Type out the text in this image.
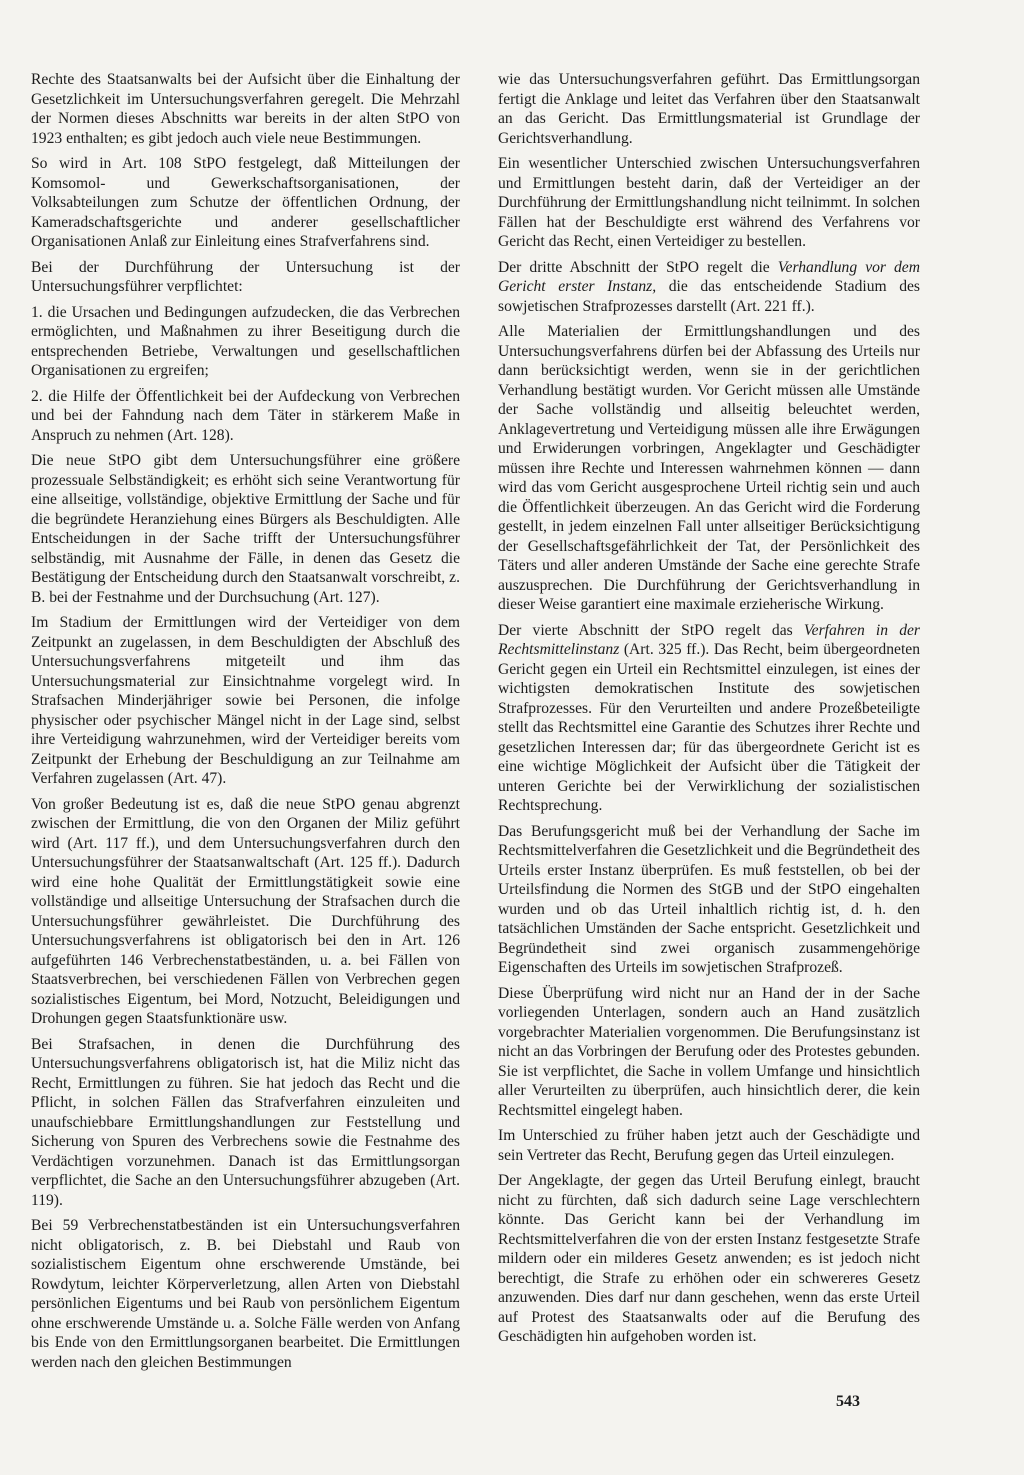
Rechte des Staatsanwalts bei der Aufsicht über die Einhaltung der Gesetzlichkeit im Untersuchungsverfahren geregelt. Die Mehrzahl der Normen dieses Abschnitts war bereits in der alten StPO von 1923 enthalten; es gibt jedoch auch viele neue Bestimmungen.

So wird in Art. 108 StPO festgelegt, daß Mitteilungen der Komsomol- und Gewerkschaftsorganisationen, der Volksabteilungen zum Schutze der öffentlichen Ordnung, der Kameradschaftsgerichte und anderer gesellschaftlicher Organisationen Anlaß zur Einleitung eines Strafverfahrens sind.

Bei der Durchführung der Untersuchung ist der Untersuchungsführer verpflichtet:

1. die Ursachen und Bedingungen aufzudecken, die das Verbrechen ermöglichten, und Maßnahmen zu ihrer Beseitigung durch die entsprechenden Betriebe, Verwaltungen und gesellschaftlichen Organisationen zu ergreifen;

2. die Hilfe der Öffentlichkeit bei der Aufdeckung von Verbrechen und bei der Fahndung nach dem Täter in stärkerem Maße in Anspruch zu nehmen (Art. 128).

Die neue StPO gibt dem Untersuchungsführer eine größere prozessuale Selbständigkeit; es erhöht sich seine Verantwortung für eine allseitige, vollständige, objektive Ermittlung der Sache und für die begründete Heranziehung eines Bürgers als Beschuldigten. Alle Entscheidungen in der Sache trifft der Untersuchungsführer selbständig, mit Ausnahme der Fälle, in denen das Gesetz die Bestätigung der Entscheidung durch den Staatsanwalt vorschreibt, z. B. bei der Festnahme und der Durchsuchung (Art. 127).

Im Stadium der Ermittlungen wird der Verteidiger von dem Zeitpunkt an zugelassen, in dem Beschuldigten der Abschluß des Untersuchungsverfahrens mitgeteilt und ihm das Untersuchungsmaterial zur Einsichtnahme vorgelegt wird. In Strafsachen Minderjähriger sowie bei Personen, die infolge physischer oder psychischer Mängel nicht in der Lage sind, selbst ihre Verteidigung wahrzunehmen, wird der Verteidiger bereits vom Zeitpunkt der Erhebung der Beschuldigung an zur Teilnahme am Verfahren zugelassen (Art. 47).

Von großer Bedeutung ist es, daß die neue StPO genau abgrenzt zwischen der Ermittlung, die von den Organen der Miliz geführt wird (Art. 117 ff.), und dem Untersuchungsverfahren durch den Untersuchungsführer der Staatsanwaltschaft (Art. 125 ff.). Dadurch wird eine hohe Qualität der Ermittlungstätigkeit sowie eine vollständige und allseitige Untersuchung der Strafsachen durch die Untersuchungsführer gewährleistet. Die Durchführung des Untersuchungsverfahrens ist obligatorisch bei den in Art. 126 aufgeführten 146 Verbrechenstatbeständen, u. a. bei Fällen von Staatsverbrechen, bei verschiedenen Fällen von Verbrechen gegen sozialistisches Eigentum, bei Mord, Notzucht, Beleidigungen und Drohungen gegen Staatsfunktionäre usw.

Bei Strafsachen, in denen die Durchführung des Untersuchungsverfahrens obligatorisch ist, hat die Miliz nicht das Recht, Ermittlungen zu führen. Sie hat jedoch das Recht und die Pflicht, in solchen Fällen das Strafverfahren einzuleiten und unaufschiebbare Ermittlungshandlungen zur Feststellung und Sicherung von Spuren des Verbrechens sowie die Festnahme des Verdächtigen vorzunehmen. Danach ist das Ermittlungsorgan verpflichtet, die Sache an den Untersuchungsführer abzugeben (Art. 119).

Bei 59 Verbrechenstatbeständen ist ein Untersuchungsverfahren nicht obligatorisch, z. B. bei Diebstahl und Raub von sozialistischem Eigentum ohne erschwerende Umstände, bei Rowdytum, leichter Körperverletzung, allen Arten von Diebstahl persönlichen Eigentums und bei Raub von persönlichem Eigentum ohne erschwerende Umstände u. a. Solche Fälle werden von Anfang bis Ende von den Ermittlungsorganen bearbeitet. Die Ermittlungen werden nach den gleichen Bestimmungen

wie das Untersuchungsverfahren geführt. Das Ermittlungsorgan fertigt die Anklage und leitet das Verfahren über den Staatsanwalt an das Gericht. Das Ermittlungsmaterial ist Grundlage der Gerichtsverhandlung.

Ein wesentlicher Unterschied zwischen Untersuchungsverfahren und Ermittlungen besteht darin, daß der Verteidiger an der Durchführung der Ermittlungshandlung nicht teilnimmt. In solchen Fällen hat der Beschuldigte erst während des Verfahrens vor Gericht das Recht, einen Verteidiger zu bestellen.

Der dritte Abschnitt der StPO regelt die Verhandlung vor dem Gericht erster Instanz, die das entscheidende Stadium des sowjetischen Strafprozesses darstellt (Art. 221 ff.).

Alle Materialien der Ermittlungshandlungen und des Untersuchungsverfahrens dürfen bei der Abfassung des Urteils nur dann berücksichtigt werden, wenn sie in der gerichtlichen Verhandlung bestätigt wurden. Vor Gericht müssen alle Umstände der Sache vollständig und allseitig beleuchtet werden, Anklagevertretung und Verteidigung müssen alle ihre Erwägungen und Erwiderungen vorbringen, Angeklagter und Geschädigter müssen ihre Rechte und Interessen wahrnehmen können — dann wird das vom Gericht ausgesprochene Urteil richtig sein und auch die Öffentlichkeit überzeugen. An das Gericht wird die Forderung gestellt, in jedem einzelnen Fall unter allseitiger Berücksichtigung der Gesellschaftsgefährlichkeit der Tat, der Persönlichkeit des Täters und aller anderen Umstände der Sache eine gerechte Strafe auszusprechen. Die Durchführung der Gerichtsverhandlung in dieser Weise garantiert eine maximale erzieherische Wirkung.

Der vierte Abschnitt der StPO regelt das Verfahren in der Rechtsmittelinstanz (Art. 325 ff.). Das Recht, beim übergeordneten Gericht gegen ein Urteil ein Rechtsmittel einzulegen, ist eines der wichtigsten demokratischen Institute des sowjetischen Strafprozesses. Für den Verurteilten und andere Prozeßbeteiligte stellt das Rechtsmittel eine Garantie des Schutzes ihrer Rechte und gesetzlichen Interessen dar; für das übergeordnete Gericht ist es eine wichtige Möglichkeit der Aufsicht über die Tätigkeit der unteren Gerichte bei der Verwirklichung der sozialistischen Rechtsprechung.

Das Berufungsgericht muß bei der Verhandlung der Sache im Rechtsmittelverfahren die Gesetzlichkeit und die Begründetheit des Urteils erster Instanz überprüfen. Es muß feststellen, ob bei der Urteilsfindung die Normen des StGB und der StPO eingehalten wurden und ob das Urteil inhaltlich richtig ist, d. h. den tatsächlichen Umständen der Sache entspricht. Gesetzlichkeit und Begründetheit sind zwei organisch zusammengehörige Eigenschaften des Urteils im sowjetischen Strafprozeß.

Diese Überprüfung wird nicht nur an Hand der in der Sache vorliegenden Unterlagen, sondern auch an Hand zusätzlich vorgebrachter Materialien vorgenommen. Die Berufungsinstanz ist nicht an das Vorbringen der Berufung oder des Protestes gebunden. Sie ist verpflichtet, die Sache in vollem Umfange und hinsichtlich aller Verurteilten zu überprüfen, auch hinsichtlich derer, die kein Rechtsmittel eingelegt haben.

Im Unterschied zu früher haben jetzt auch der Geschädigte und sein Vertreter das Recht, Berufung gegen das Urteil einzulegen.

Der Angeklagte, der gegen das Urteil Berufung einlegt, braucht nicht zu fürchten, daß sich dadurch seine Lage verschlechtern könnte. Das Gericht kann bei der Verhandlung im Rechtsmittelverfahren die von der ersten Instanz festgesetzte Strafe mildern oder ein milderes Gesetz anwenden; es ist jedoch nicht berechtigt, die Strafe zu erhöhen oder ein schwereres Gesetz anzuwenden. Dies darf nur dann geschehen, wenn das erste Urteil auf Protest des Staatsanwalts oder auf die Berufung des Geschädigten hin aufgehoben worden ist.

543
